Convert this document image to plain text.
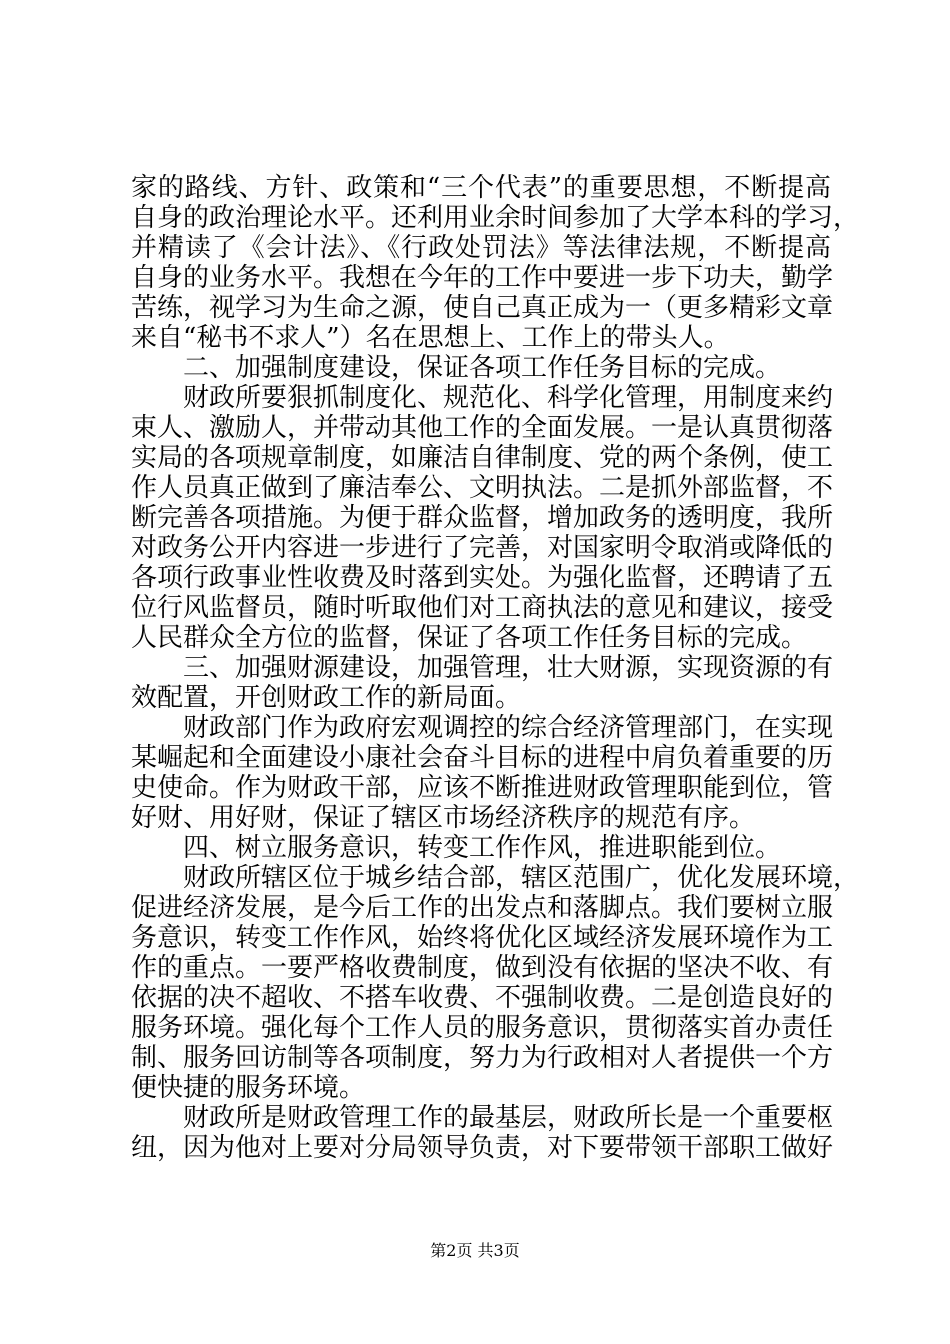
家的路线、方针、政策和“三个代表”的重要思想，不断提高
自身的政治理论水平。还利用业余时间参加了大学本科的学习，
并精读了《会计法》、《行政处罚法》等法律法规，不断提高
自身的业务水平。我想在今年的工作中要进一步下功夫，勤学
苦练，视学习为生命之源，使自己真正成为一（更多精彩文章
来自“秘书不求人”）名在思想上、工作上的带头人。
二、加强制度建设，保证各项工作任务目标的完成。
财政所要狠抓制度化、规范化、科学化管理，用制度来约
束人、激励人，并带动其他工作的全面发展。一是认真贯彻落
实局的各项规章制度，如廉洁自律制度、党的两个条例，使工
作人员真正做到了廉洁奉公、文明执法。二是抓外部监督，不
断完善各项措施。为便于群众监督，增加政务的透明度，我所
对政务公开内容进一步进行了完善，对国家明令取消或降低的
各项行政事业性收费及时落到实处。为强化监督，还聘请了五
位行风监督员，随时听取他们对工商执法的意见和建议，接受
人民群众全方位的监督，保证了各项工作任务目标的完成。
三、加强财源建设，加强管理，壮大财源，实现资源的有
效配置，开创财政工作的新局面。
财政部门作为政府宏观调控的综合经济管理部门，在实现
某崛起和全面建设小康社会奋斗目标的进程中肩负着重要的历
史使命。作为财政干部，应该不断推进财政管理职能到位，管
好财、用好财，保证了辖区市场经济秩序的规范有序。
四、树立服务意识，转变工作作风，推进职能到位。
财政所辖区位于城乡结合部，辖区范围广，优化发展环境，
促进经济发展，是今后工作的出发点和落脚点。我们要树立服
务意识，转变工作作风，始终将优化区域经济发展环境作为工
作的重点。一要严格收费制度，做到没有依据的坚决不收、有
依据的决不超收、不搭车收费、不强制收费。二是创造良好的
服务环境。强化每个工作人员的服务意识，贯彻落实首办责任
制、服务回访制等各项制度，努力为行政相对人者提供一个方
便快捷的服务环境。
财政所是财政管理工作的最基层，财政所长是一个重要枢
纽，因为他对上要对分局领导负责，对下要带领干部职工做好
第2页 共3页
